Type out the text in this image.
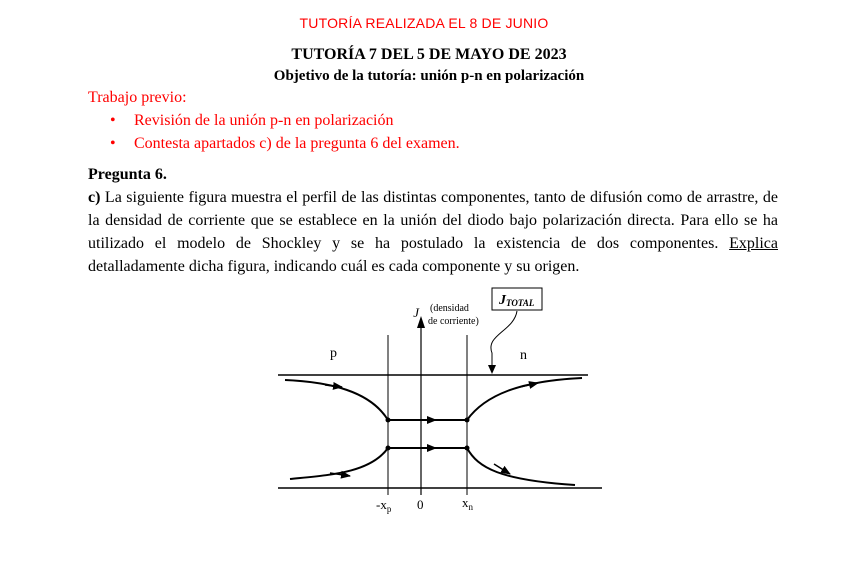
TUTORÍA REALIZADA EL 8 DE JUNIO
TUTORÍA 7 DEL 5 DE MAYO DE 2023
Objetivo de la tutoría: unión p-n en polarización
Trabajo previo:
• Revisión de la unión p-n en polarización
• Contesta apartados c) de la pregunta 6 del examen.
Pregunta 6.
c) La siguiente figura muestra el perfil de las distintas componentes, tanto de difusión como de arrastre, de la densidad de corriente que se establece en la unión del diodo bajo polarización directa. Para ello se ha utilizado el modelo de Shockley y se ha postulado la existencia de dos componentes. Explica detalladamente dicha figura, indicando cuál es cada componente y su origen.
JTOTAL
J (densidad
de corriente)
p	n
$-x_p$ 0	$x_n$
